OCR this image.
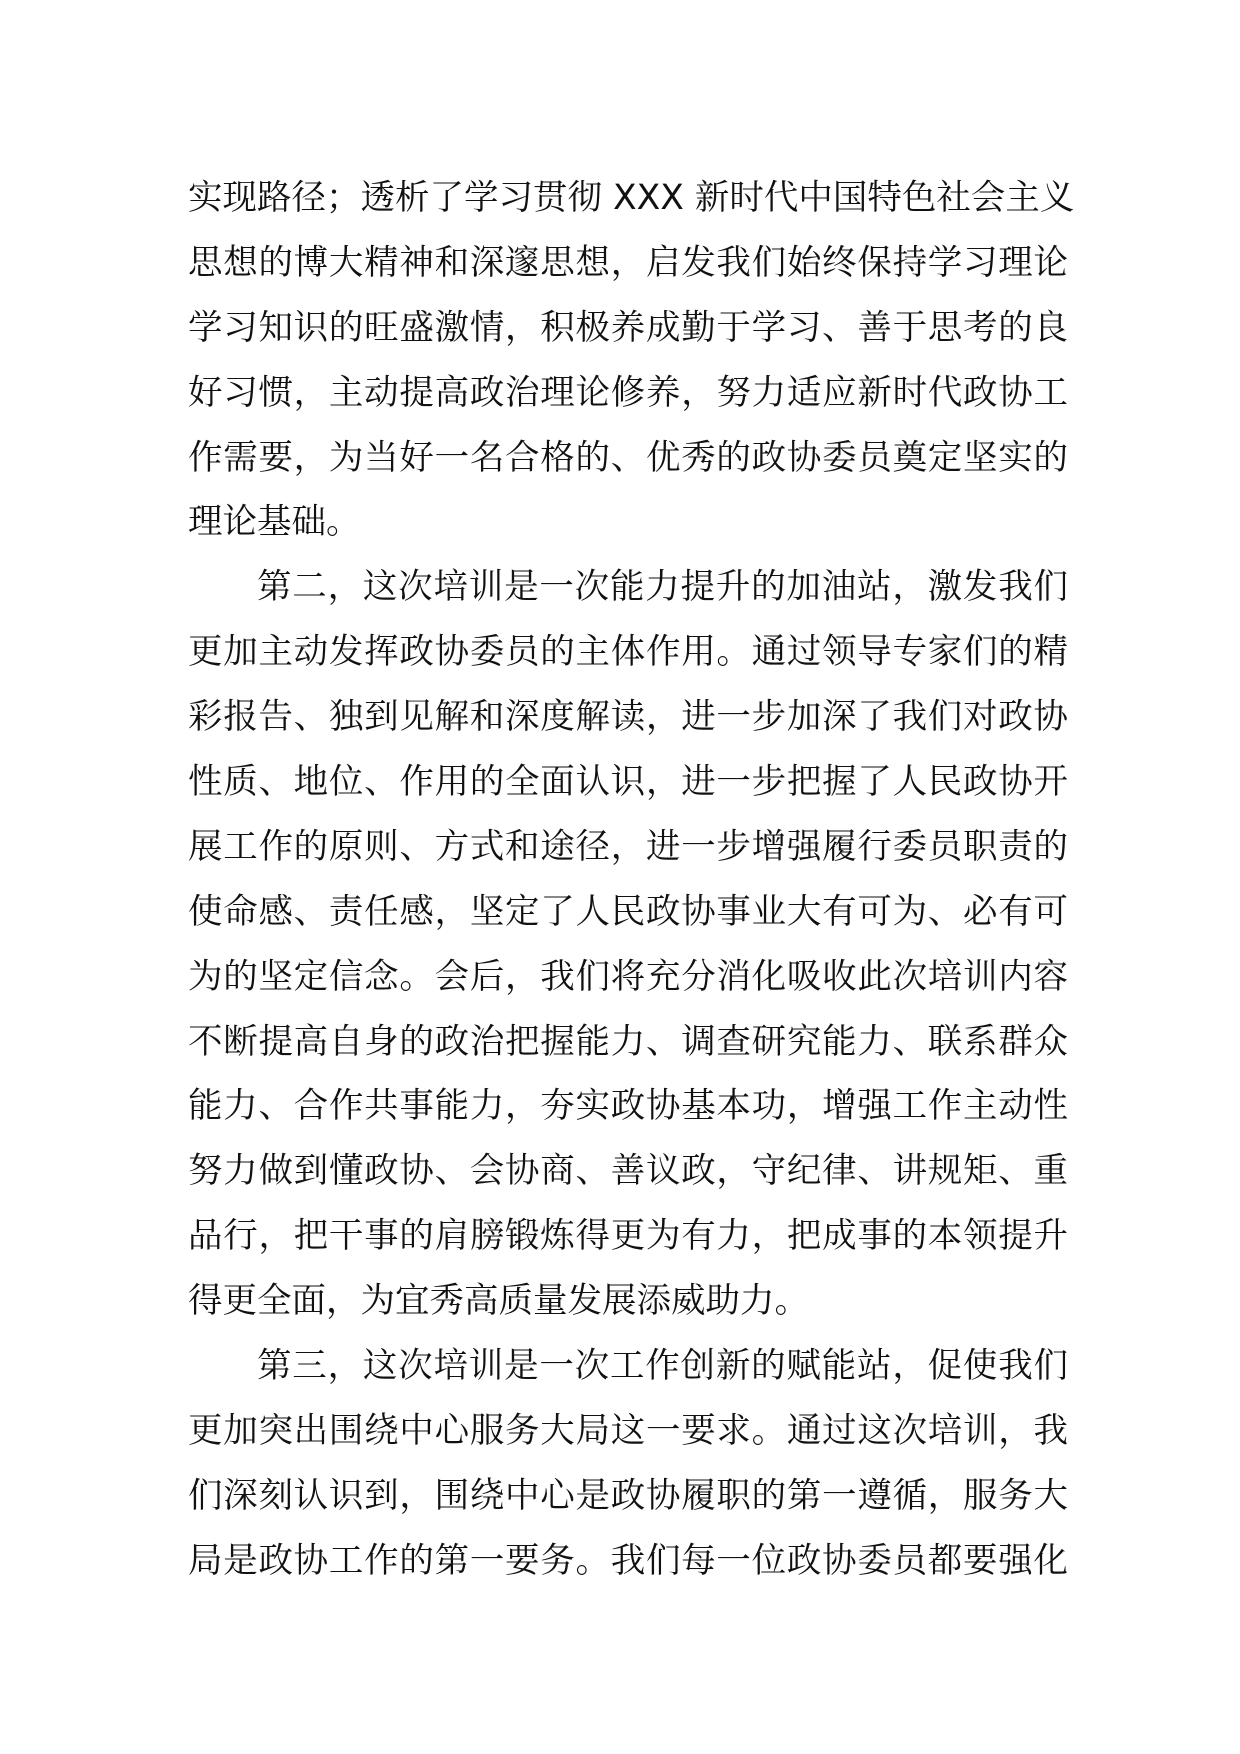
实现路径；透析了学习贯彻 XXX 新时代中国特色社会主义
思想的博大精神和深邃思想，启发我们始终保持学习理论
学习知识的旺盛激情，积极养成勤于学习、善于思考的良
好习惯，主动提高政治理论修养，努力适应新时代政协工
作需要，为当好一名合格的、优秀的政协委员奠定坚实的
理论基础。
第二，这次培训是一次能力提升的加油站，激发我们
更加主动发挥政协委员的主体作用。通过领导专家们的精
彩报告、独到见解和深度解读，进一步加深了我们对政协
性质、地位、作用的全面认识，进一步把握了人民政协开
展工作的原则、方式和途径，进一步增强履行委员职责的
使命感、责任感，坚定了人民政协事业大有可为、必有可
为的坚定信念。会后，我们将充分消化吸收此次培训内容
不断提高自身的政治把握能力、调查研究能力、联系群众
能力、合作共事能力，夯实政协基本功，增强工作主动性
努力做到懂政协、会协商、善议政，守纪律、讲规矩、重
品行，把干事的肩膀锻炼得更为有力，把成事的本领提升
得更全面，为宜秀高质量发展添威助力。
第三，这次培训是一次工作创新的赋能站，促使我们
更加突出围绕中心服务大局这一要求。通过这次培训，我
们深刻认识到，围绕中心是政协履职的第一遵循，服务大
局是政协工作的第一要务。我们每一位政协委员都要强化
